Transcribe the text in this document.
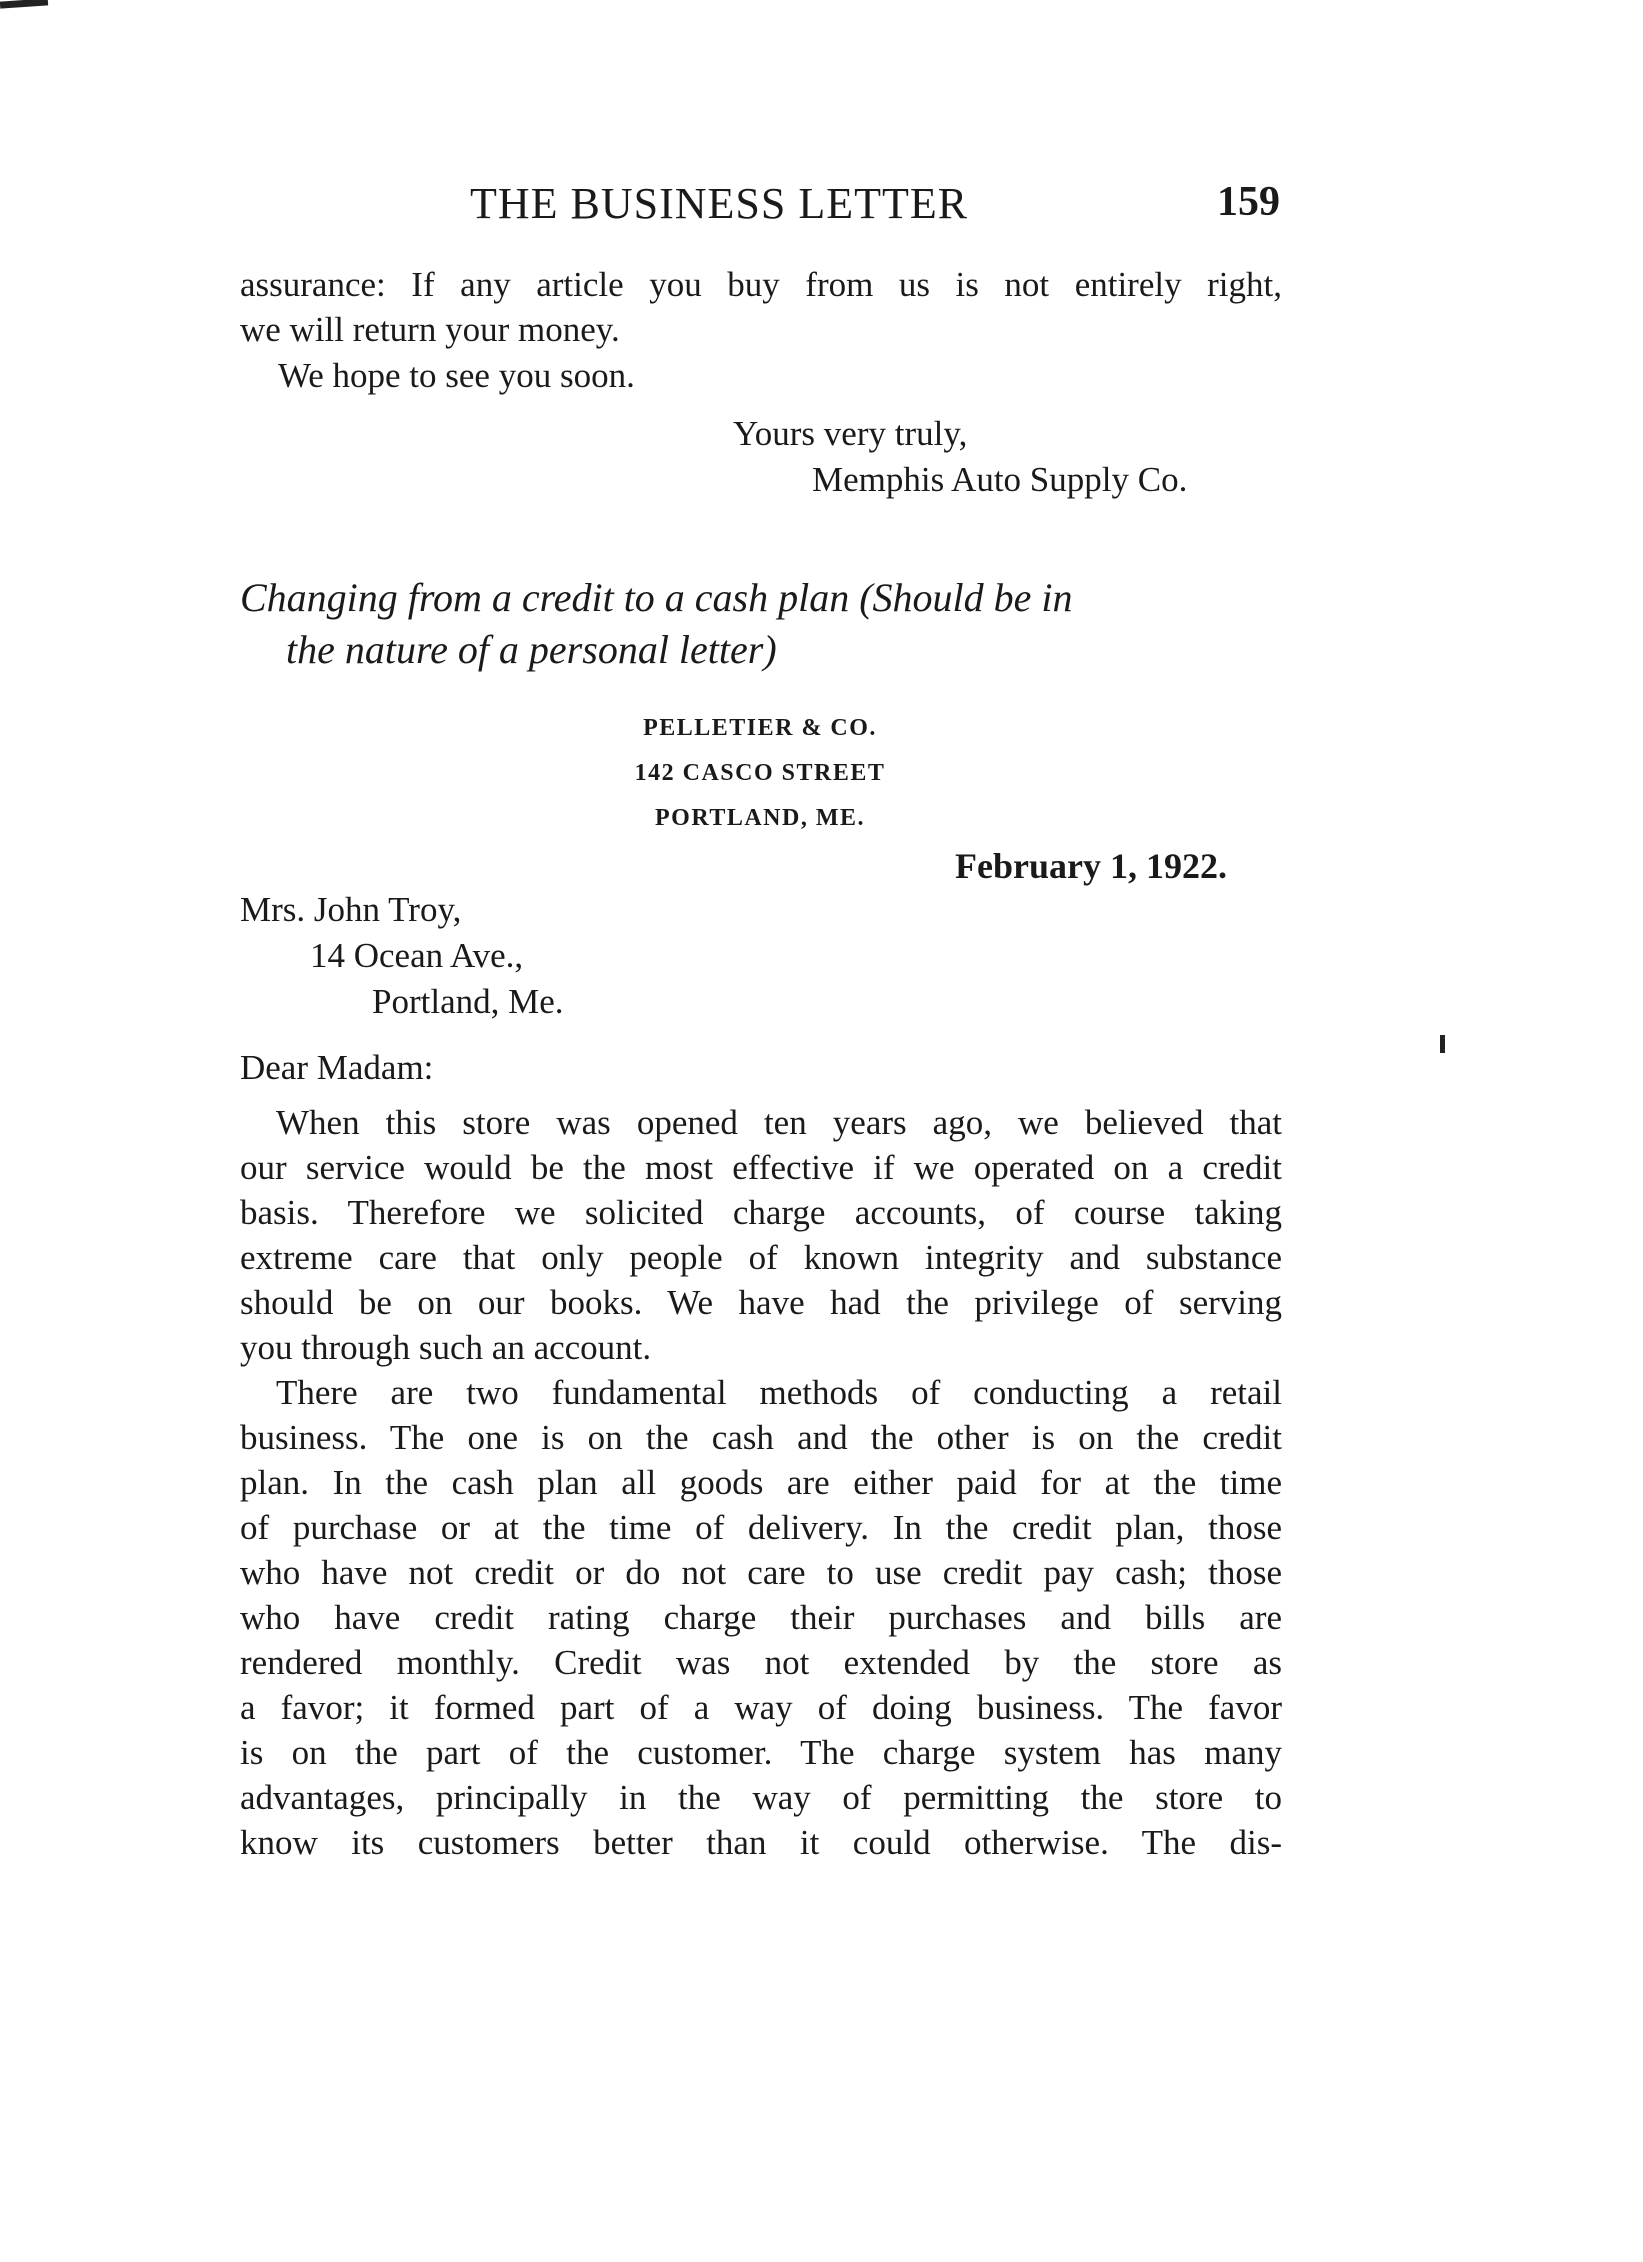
THE BUSINESS LETTER	159
assurance: If any article you buy from us is not entirely right,
we will return your money.
We hope to see you soon.
Yours very truly,
Memphis Auto Supply Co.
Changing from a credit to a cash plan (Should be in
the nature of a personal letter)
PELLETIER & CO.
142 CASCO STREET
PORTLAND, ME.
February 1, 1922.
Mrs. John Troy,
14 Ocean Ave.,
Portland, Me.
Dear Madam:
When this store was opened ten years ago, we believed that
our service would be the most effective if we operated on a credit
basis. Therefore we solicited charge accounts, of course taking
extreme care that only people of known integrity and substance
should be on our books. We have had the privilege of serving
you through such an account.
There are two fundamental methods of conducting a retail
business. The one is on the cash and the other is on the credit
plan. In the cash plan all goods are either paid for at the time
of purchase or at the time of delivery. In the credit plan, those
who have not credit or do not care to use credit pay cash; those
who have credit rating charge their purchases and bills are
rendered monthly. Credit was not extended by the store as
a favor; it formed part of a way of doing business. The favor
is on the part of the customer. The charge system has many
advantages, principally in the way of permitting the store to
know its customers better than it could otherwise. The dis-
